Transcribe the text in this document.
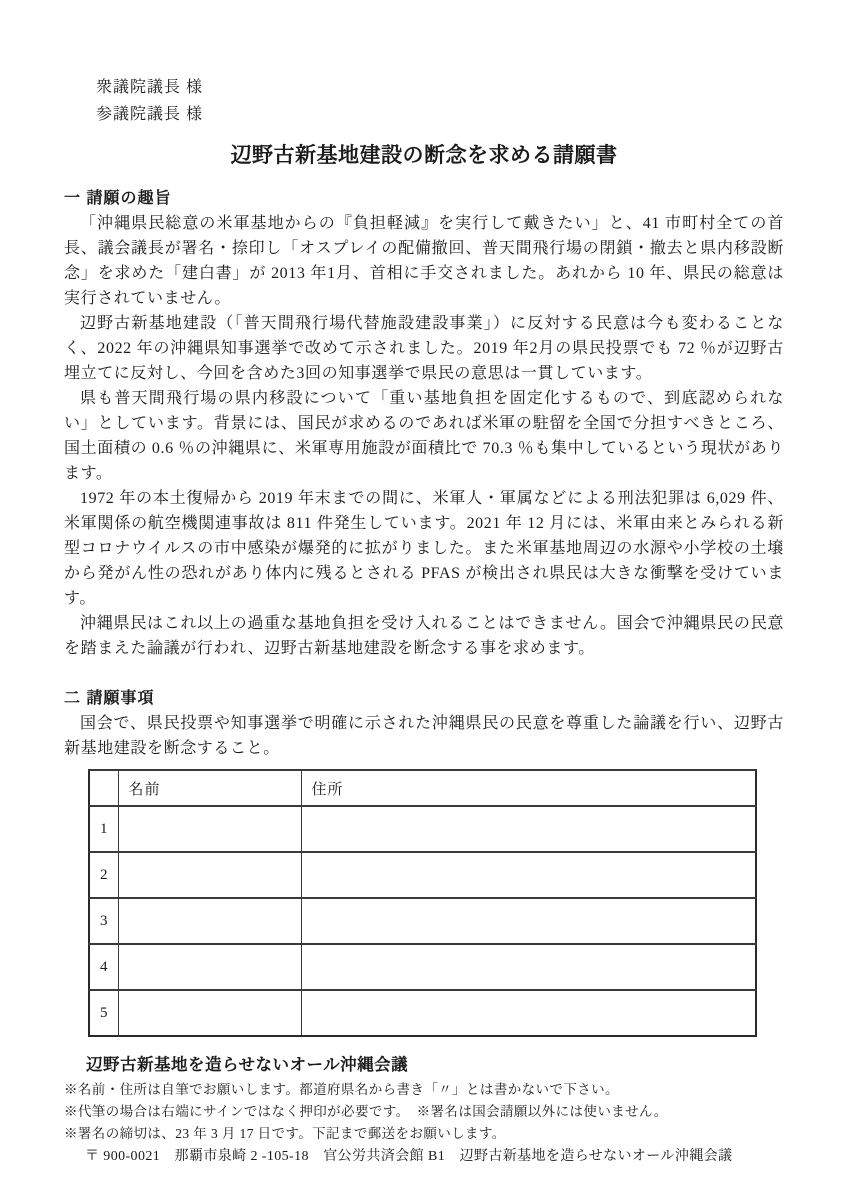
衆議院議長 様
参議院議長 様
辺野古新基地建設の断念を求める請願書
一 請願の趣旨

「沖縄県民総意の米軍基地からの『負担軽減』を実行して戴きたい」と、41 市町村全ての首長、議会議長が署名・捺印し「オスプレイの配備撤回、普天間飛行場の閉鎖・撤去と県内移設断念」を求めた「建白書」が 2013 年1月、首相に手交されました。あれから 10 年、県民の総意は実行されていません。

辺野古新基地建設（「普天間飛行場代替施設建設事業」）に反対する民意は今も変わることなく、2022 年の沖縄県知事選挙で改めて示されました。2019 年2月の県民投票でも 72 ％が辺野古埋立てに反対し、今回を含めた3回の知事選挙で県民の意思は一貫しています。

県も普天間飛行場の県内移設について「重い基地負担を固定化するもので、到底認められない」としています。背景には、国民が求めるのであれば米軍の駐留を全国で分担すべきところ、国土面積の 0.6 ％の沖縄県に、米軍専用施設が面積比で 70.3 ％も集中しているという現状があります。

1972 年の本土復帰から 2019 年末までの間に、米軍人・軍属などによる刑法犯罪は 6,029 件、米軍関係の航空機関連事故は 811 件発生しています。2021 年 12 月には、米軍由来とみられる新型コロナウイルスの市中感染が爆発的に拡がりました。また米軍基地周辺の水源や小学校の土壌から発がん性の恐れがあり体内に残るとされる PFAS が検出され県民は大きな衝撃を受けています。

沖縄県民はこれ以上の過重な基地負担を受け入れることはできません。国会で沖縄県民の民意を踏まえた論議が行われ、辺野古新基地建設を断念する事を求めます。

二 請願事項

国会で、県民投票や知事選挙で明確に示された沖縄県民の民意を尊重した論議を行い、辺野古新基地建設を断念すること。

	名前	住所
1		
2		
3		
4		
5		
辺野古新基地を造らせないオール沖縄会議
※名前・住所は自筆でお願いします。都道府県名から書き「〃」とは書かないで下さい。
※代筆の場合は右端にサインではなく押印が必要です。　※署名は国会請願以外には使いません。
※署名の締切は、23 年 3 月 17 日です。下記まで郵送をお願いします。
〒 900-0021　那覇市泉崎 2 -105-18　官公労共済会館 B1　辺野古新基地を造らせないオール沖縄会議
